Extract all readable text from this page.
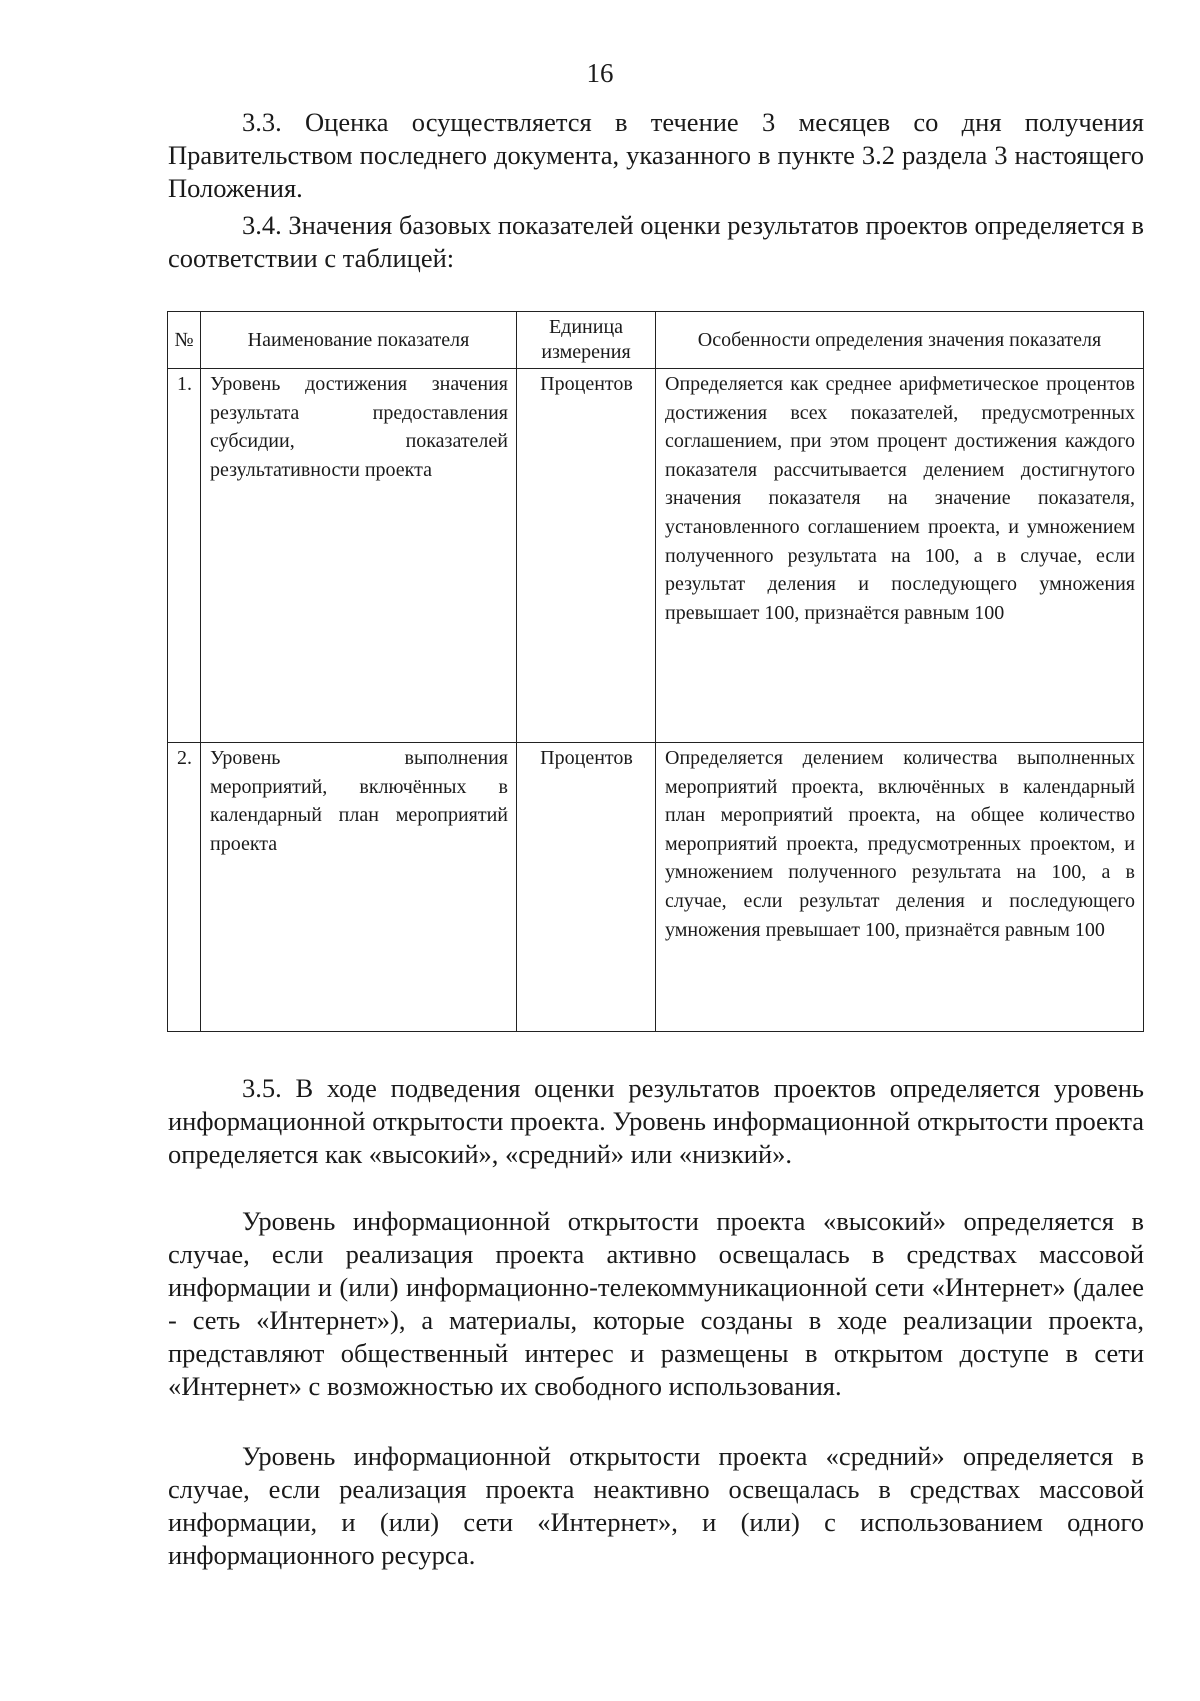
16

3.3. Оценка осуществляется в течение 3 месяцев со дня получения Правительством последнего документа, указанного в пункте 3.2 раздела 3 настоящего Положения.

3.4. Значения базовых показателей оценки результатов проектов определяется в соответствии с таблицей:

№	Наименование показателя	Единица измерения	Особенности определения значения показателя
1.	Уровень достижения значения результата предоставления субсидии, показателей результативности проекта	Процентов	Определяется как среднее арифметическое процентов достижения всех показателей, предусмотренных соглашением, при этом процент достижения каждого показателя рассчитывается делением достигнутого значения показателя на значение показателя, установленного соглашением проекта, и умножением полученного результата на 100, а в случае, если результат деления и последующего умножения превышает 100, признаётся равным 100
2.	Уровень выполнения мероприятий, включённых в календарный план мероприятий проекта	Процентов	Определяется делением количества выполненных мероприятий проекта, включённых в календарный план мероприятий проекта, на общее количество мероприятий проекта, предусмотренных проектом, и умножением полученного результата на 100, а в случае, если результат деления и последующего умножения превышает 100, признаётся равным 100

3.5. В ходе подведения оценки результатов проектов определяется уровень информационной открытости проекта. Уровень информационной открытости проекта определяется как «высокий», «средний» или «низкий».

Уровень информационной открытости проекта «высокий» определяется в случае, если реализация проекта активно освещалась в средствах массовой информации и (или) информационно-телекоммуникационной сети «Интернет» (далее - сеть «Интернет»), а материалы, которые созданы в ходе реализации проекта, представляют общественный интерес и размещены в открытом доступе в сети «Интернет» с возможностью их свободного использования.

Уровень информационной открытости проекта «средний» определяется в случае, если реализация проекта неактивно освещалась в средствах массовой информации, и (или) сети «Интернет», и (или) с использованием одного информационного ресурса.
